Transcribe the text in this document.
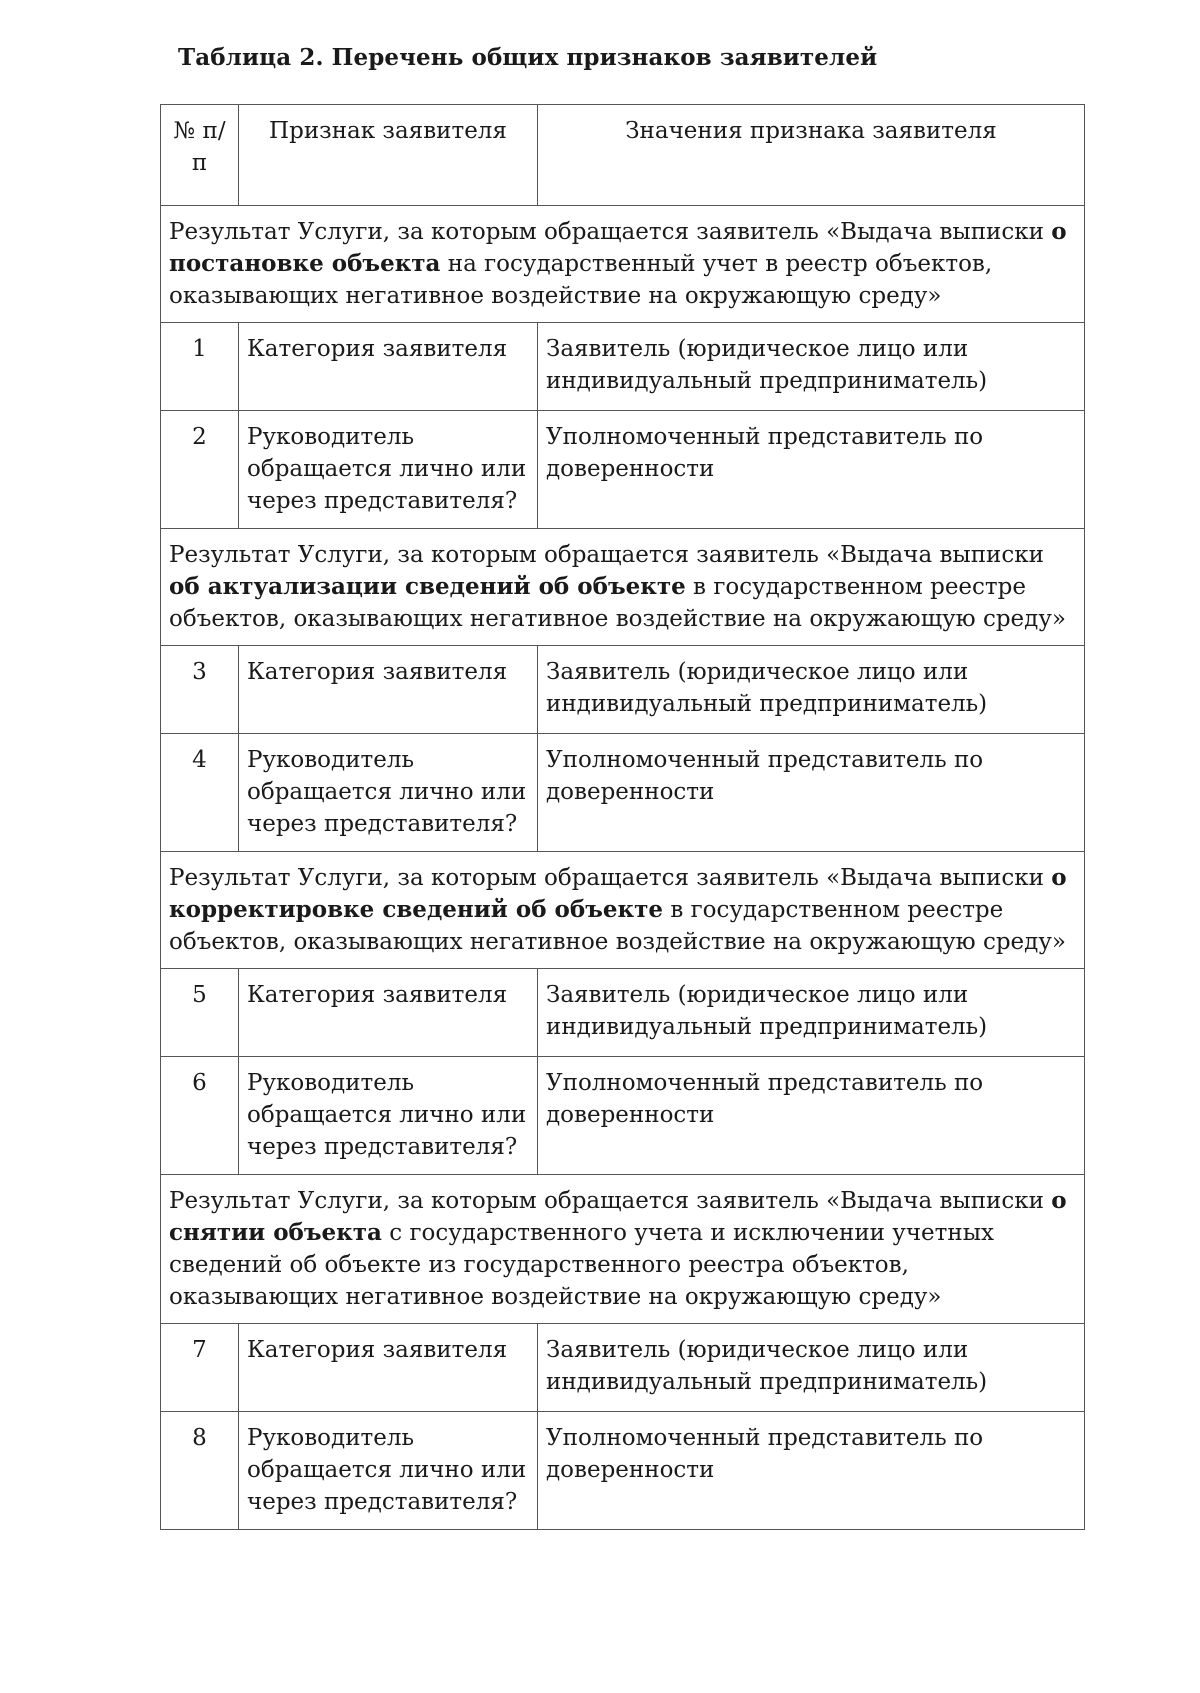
Таблица 2. Перечень общих признаков заявителей
№ п/п	Признак заявителя	Значения признака заявителя
Результат Услуги, за которым обращается заявитель «Выдача выписки о постановке объекта на государственный учет в реестр объектов, оказывающих негативное воздействие на окружающую среду»		
1	Категория заявителя	Заявитель (юридическое лицо или индивидуальный предприниматель)
2	Руководитель обращается лично или через представителя?	Уполномоченный представитель по доверенности
Результат Услуги, за которым обращается заявитель «Выдача выписки об актуализации сведений об объекте в государственном реестре объектов, оказывающих негативное воздействие на окружающую среду»		
3	Категория заявителя	Заявитель (юридическое лицо или индивидуальный предприниматель)
4	Руководитель обращается лично или через представителя?	Уполномоченный представитель по доверенности
Результат Услуги, за которым обращается заявитель «Выдача выписки о корректировке сведений об объекте в государственном реестре объектов, оказывающих негативное воздействие на окружающую среду»		
5	Категория заявителя	Заявитель (юридическое лицо или индивидуальный предприниматель)
6	Руководитель обращается лично или через представителя?	Уполномоченный представитель по доверенности
Результат Услуги, за которым обращается заявитель «Выдача выписки о снятии объекта с государственного учета и исключении учетных сведений об объекте из государственного реестра объектов, оказывающих негативное воздействие на окружающую среду»		
7	Категория заявителя	Заявитель (юридическое лицо или индивидуальный предприниматель)
8	Руководитель обращается лично или через представителя?	Уполномоченный представитель по доверенности
